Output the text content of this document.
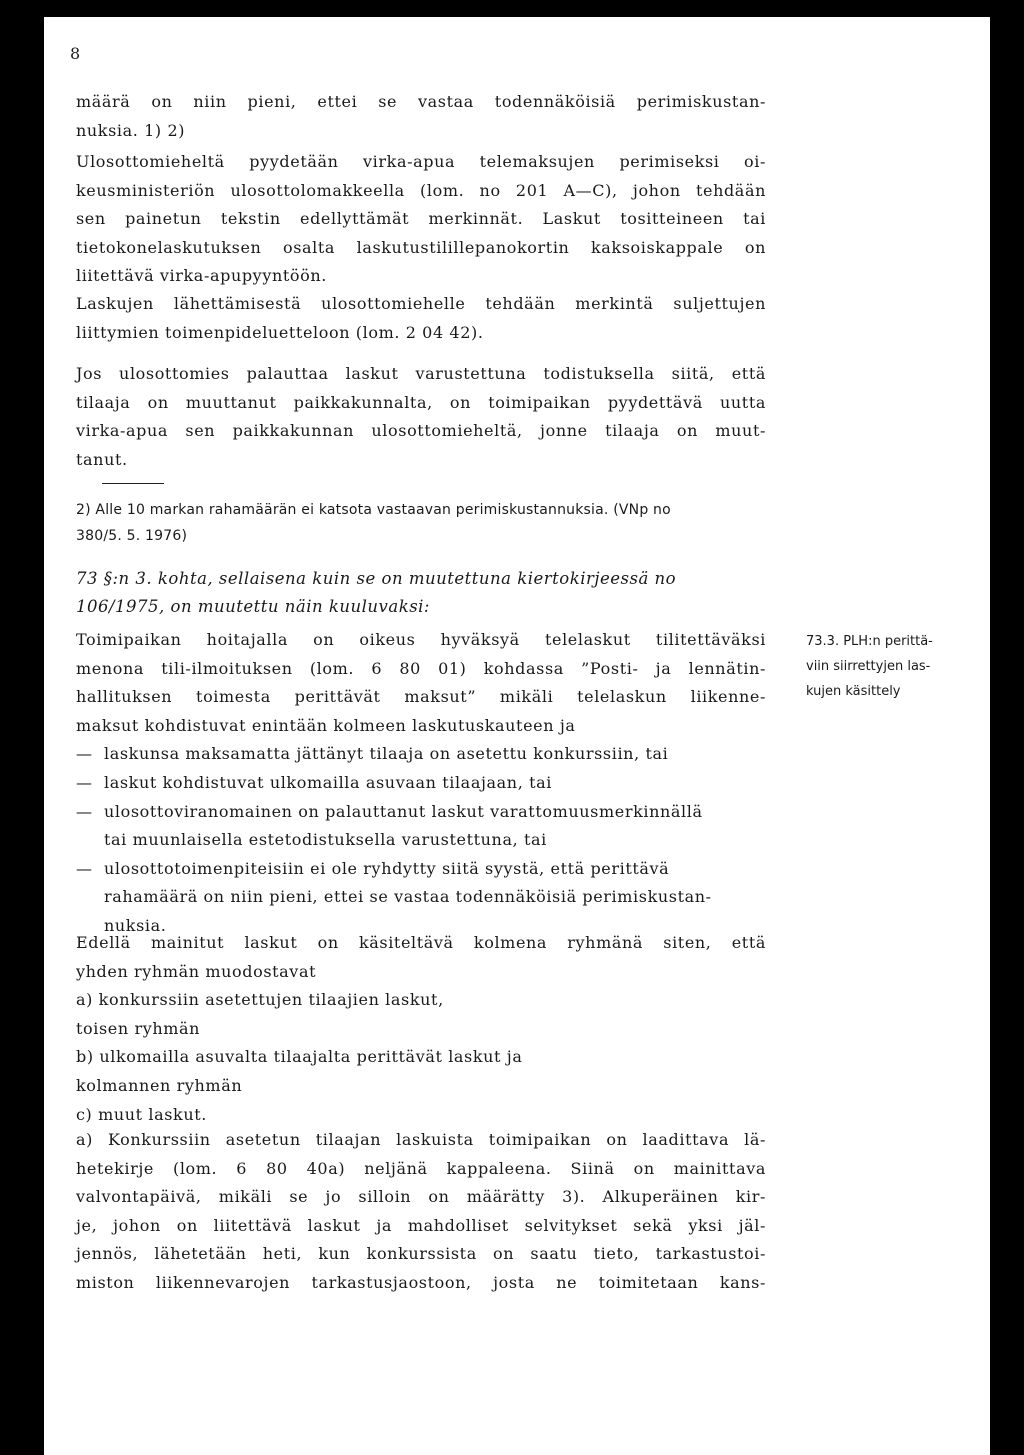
8
määrä on niin pieni, ettei se vastaa todennäköisiä perimiskustan-
nuksia. 1) 2)
Ulosottomieheltä pyydetään virka-apua telemaksujen perimiseksi oi-
keusministeriön ulosottolomakkeella (lom. no 201 A—C), johon tehdään
sen painetun tekstin edellyttämät merkinnät. Laskut tositteineen tai
tietokonelaskutuksen osalta laskutustilillepanokortin kaksoiskappale on
liitettävä virka-apupyyntöön.
Laskujen lähettämisestä ulosottomiehelle tehdään merkintä suljettujen
liittymien toimenpideluetteloon (lom. 2 04 42).
Jos ulosottomies palauttaa laskut varustettuna todistuksella siitä, että
tilaaja on muuttanut paikkakunnalta, on toimipaikan pyydettävä uutta
virka-apua sen paikkakunnan ulosottomieheltä, jonne tilaaja on muut-
tanut.
2) Alle 10 markan rahamäärän ei katsota vastaavan perimiskustannuksia. (VNp no
380/5. 5. 1976)
73 §:n 3. kohta, sellaisena kuin se on muutettuna kiertokirjeessä no
106/1975, on muutettu näin kuuluvaksi:
Toimipaikan hoitajalla on oikeus hyväksyä telelaskut tilitettäväksi
menona tili-ilmoituksen (lom. 6 80 01) kohdassa ”Posti- ja lennätin-
hallituksen toimesta perittävät maksut” mikäli telelaskun liikenne-
maksut kohdistuvat enintään kolmeen laskutuskauteen ja
— laskunsa maksamatta jättänyt tilaaja on asetettu konkurssiin, tai
— laskut kohdistuvat ulkomailla asuvaan tilaajaan, tai
— ulosottoviranomainen on palauttanut laskut varattomuusmerkinnällä
tai muunlaisella estetodistuksella varustettuna, tai
— ulosottotoimenpiteisiin ei ole ryhdytty siitä syystä, että perittävä
rahamäärä on niin pieni, ettei se vastaa todennäköisiä perimiskustan-
nuksia.
Edellä mainitut laskut on käsiteltävä kolmena ryhmänä siten, että
yhden ryhmän muodostavat
a) konkurssiin asetettujen tilaajien laskut,
toisen ryhmän
b) ulkomailla asuvalta tilaajalta perittävät laskut ja
kolmannen ryhmän
c) muut laskut.
a) Konkurssiin asetetun tilaajan laskuista toimipaikan on laadittava lä-
hetekirje (lom. 6 80 40a) neljänä kappaleena. Siinä on mainittava
valvontapäivä, mikäli se jo silloin on määrätty 3). Alkuperäinen kir-
je, johon on liitettävä laskut ja mahdolliset selvitykset sekä yksi jäl-
jennös, lähetetään heti, kun konkurssista on saatu tieto, tarkastustoi-
miston liikennevarojen tarkastusjaostoon, josta ne toimitetaan kans-
73.3. PLH:n perittä-
viin siirrettyjen las-
kujen käsittely
